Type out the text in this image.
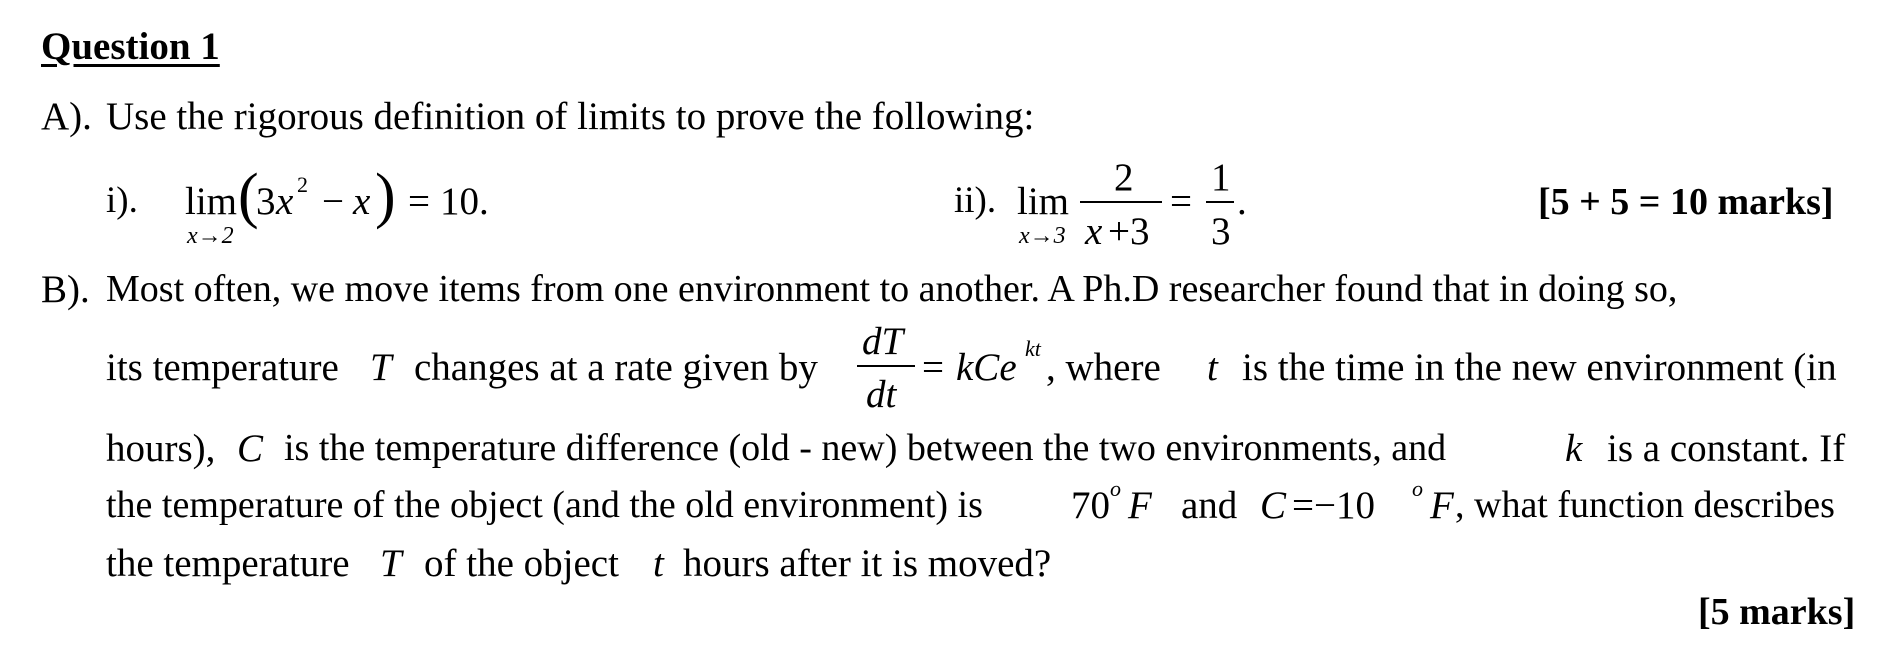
Question 1
A). Use the rigorous definition of limits to prove the following:
i). lim
x→2
(
3 x 2 − x ) = 10.	ii). lim
x→3
2
x +3
=
1
3
.	[5 + 5 = 10 marks]
B). Most often, we move items from one environment to another. A Ph.D researcher found that in doing so,
its temperature T changes at a rate given by
dT
dt
= kCe kt , where t is the time in the new environment (in
hours), C is the temperature difference (old - new) between the two environments, and	k is a constant. If
the temperature of the object (and the old environment) is 70 o F and C =−10 o F , what function describes
the temperature T of the object t hours after it is moved?
[5 marks]
